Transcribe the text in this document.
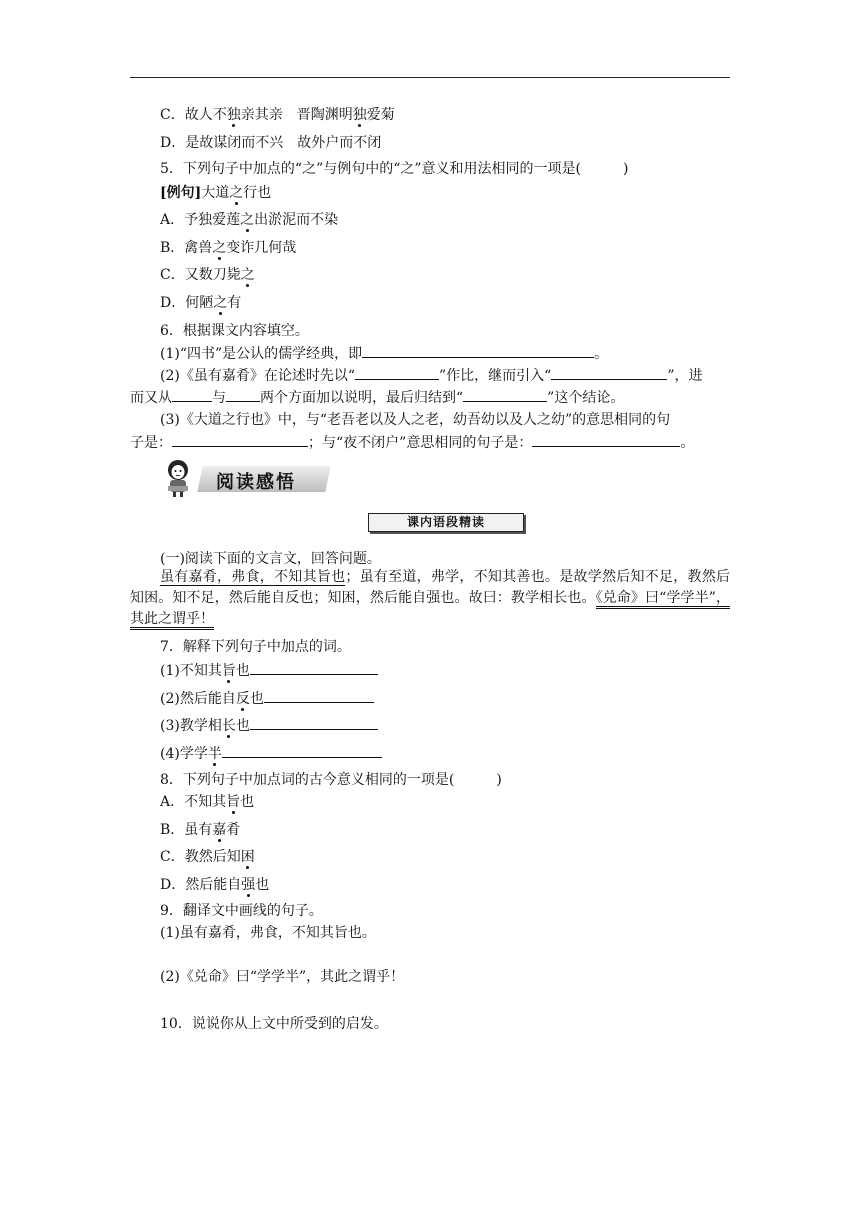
C．故人不独亲其亲　晋陶渊明独爱菊
D．是故谋闭而不兴　故外户而不闭
5．下列句子中加点的“之”与例句中的“之”意义和用法相同的一项是(　　　)
[例句]大道之行也
A．予独爱莲之出淤泥而不染
B．禽兽之变诈几何哉
C．又数刀毙之
D．何陋之有
6．根据课文内容填空。
(1)“四书”是公认的儒学经典，即	。
(2)《虽有嘉肴》在论述时先以“	”作比，继而引入“	”，进
而又从	与 两个方面加以说明，最后归结到“	”这个结论。
(3)《大道之行也》中，与“老吾老以及人之老，幼吾幼以及人之幼”的意思相同的句
子是：	；与“夜不闭户”意思相同的句子是：	。
阅读感悟
课内语段精读
(一)阅读下面的文言文，回答问题。
虽有嘉肴，弗食，不知其旨也；虽有至道，弗学，不知其善也。是故学然后知不足，教然后知困。知不足，然后能自反也；知困，然后能自强也。故曰：教学相长也。《兑命》曰“学学半”，其此之谓乎！
7．解释下列句子中加点的词。
(1)不知其旨也
(2)然后能自反也
(3)教学相长也
(4)学学半
8．下列句子中加点词的古今意义相同的一项是(　　　)
A．不知其旨也
B．虽有嘉肴
C．教然后知困
D．然后能自强也
9．翻译文中画线的句子。
(1)虽有嘉肴，弗食，不知其旨也。
(2)《兑命》曰“学学半”，其此之谓乎！
10．说说你从上文中所受到的启发。
